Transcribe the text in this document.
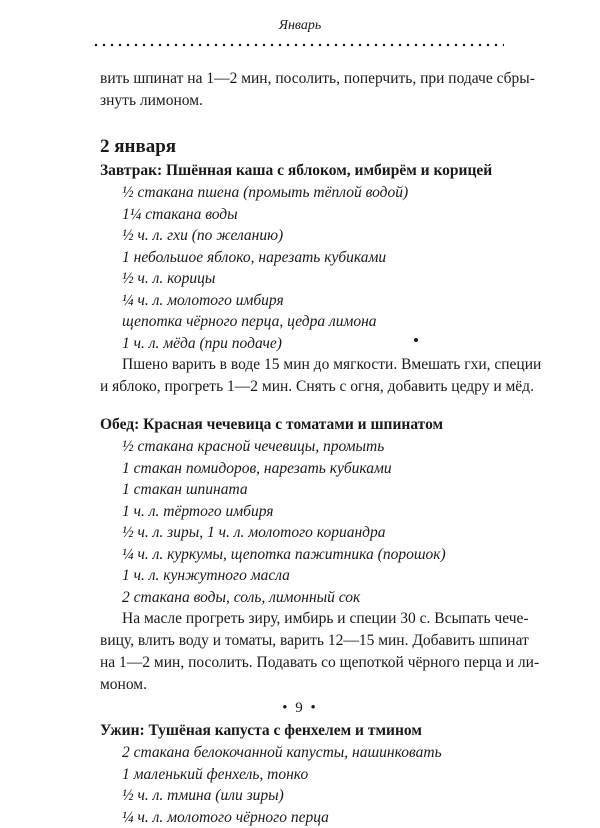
Январь
вить шпинат на 1—2 мин, посолить, поперчить, при подаче сбры-
знуть лимоном.
2 января
Завтрак: Пшённая каша с яблоком, имбирём и корицей
½ стакана пшена (промыть тёплой водой)
1¼ стакана воды
½ ч. л. гхи (по желанию)
1 небольшое яблоко, нарезать кубиками
½ ч. л. корицы
¼ ч. л. молотого имбиря
щепотка чёрного перца, цедра лимона
1 ч. л. мёда (при подаче)
Пшено варить в воде 15 мин до мягкости. Вмешать гхи, специи
и яблоко, прогреть 1—2 мин. Снять с огня, добавить цедру и мёд.
Обед: Красная чечевица с томатами и шпинатом
½ стакана красной чечевицы, промыть
1 стакан помидоров, нарезать кубиками
1 стакан шпината
1 ч. л. тёртого имбиря
½ ч. л. зиры, 1 ч. л. молотого кориандра
¼ ч. л. куркумы, щепотка пажитника (порошок)
1 ч. л. кунжутного масла
2 стакана воды, соль, лимонный сок
На масле прогреть зиру, имбирь и специи 30 с. Всыпать чече-
вицу, влить воду и томаты, варить 12—15 мин. Добавить шпинат
на 1—2 мин, посолить. Подавать со щепоткой чёрного перца и ли-
моном.
Ужин: Тушёная капуста с фенхелем и тмином
2 стакана белокочанной капусты, нашинковать
1 маленький фенхель, тонко
½ ч. л. тмина (или зиры)
¼ ч. л. молотого чёрного перца
• 9 •
